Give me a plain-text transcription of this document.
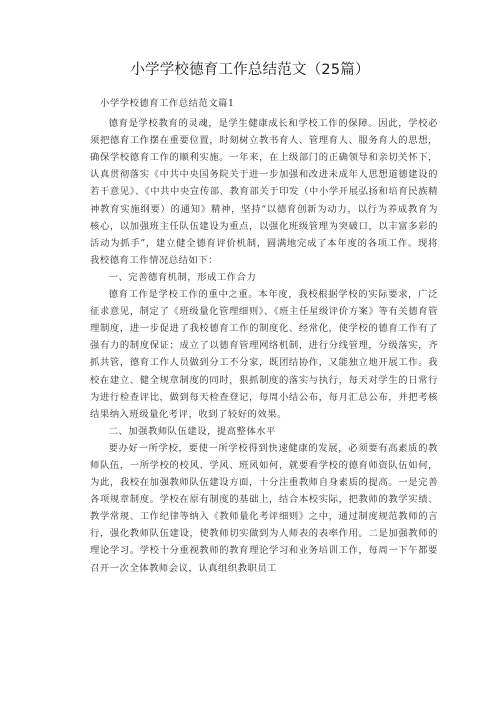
小学学校德育工作总结范文（25篇）

小学学校德育工作总结范文篇1

德育是学校教育的灵魂，是学生健康成长和学校工作的保障。因此，学校必须把德育工作摆在重要位置，时刻树立教书育人、管理育人、服务育人的思想，确保学校德育工作的顺利实施。一年来，在上级部门的正确领导和亲切关怀下，认真贯彻落实《中共中央国务院关于进一步加强和改进未成年人思想道德建设的若干意见》、《中共中央宣传部、教育部关于印发（中小学开展弘扬和培育民族精神教育实施纲要）的通知》精神，坚持“以德育创新为动力，以行为养成教育为核心，以加强班主任队伍建设为重点，以强化班级管理为突破口，以丰富多彩的活动为抓手”，建立健全德育评价机制，圆满地完成了本年度的各项工作。现将我校德育工作情况总结如下：

一、完善德育机制，形成工作合力

德育工作是学校工作的重中之重。本年度，我校根据学校的实际要求，广泛征求意见，制定了《班级量化管理细则》、《班主任星级评价方案》等有关德育管理制度，进一步促进了我校德育工作的制度化、经常化，使学校的德育工作有了强有力的制度保证；成立了以德育管理网络机制，进行分线管理，分级落实，齐抓共管，德育工作人员做到分工不分家，既团结协作，又能独立地开展工作。我校在建立、健全规章制度的同时，狠抓制度的落实与执行，每天对学生的日常行为进行检查评比，做到每天检查登记，每周小结公布，每月汇总公布，并把考核结果纳入班级量化考评，收到了较好的效果。

二、加强教师队伍建设，提高整体水平

要办好一所学校，要使一所学校得到快速健康的发展，必须要有高素质的教师队伍，一所学校的校风、学风、班风如何，就要看学校的德育师资队伍如何，为此，我校在加强教师队伍建设方面，十分注重教师自身素质的提高。一是完善各项规章制度。学校在原有制度的基础上，结合本校实际，把教师的教学实绩、教学常规、工作纪律等纳入《教师量化考评细则》之中，通过制度规范教师的言行，强化教师队伍建设，使教师切实做到为人师表的表率作用。二是加强教师的理论学习。学校十分重视教师的教育理论学习和业务培训工作，每周一下午都要召开一次全体教师会议，认真组织教职员工
